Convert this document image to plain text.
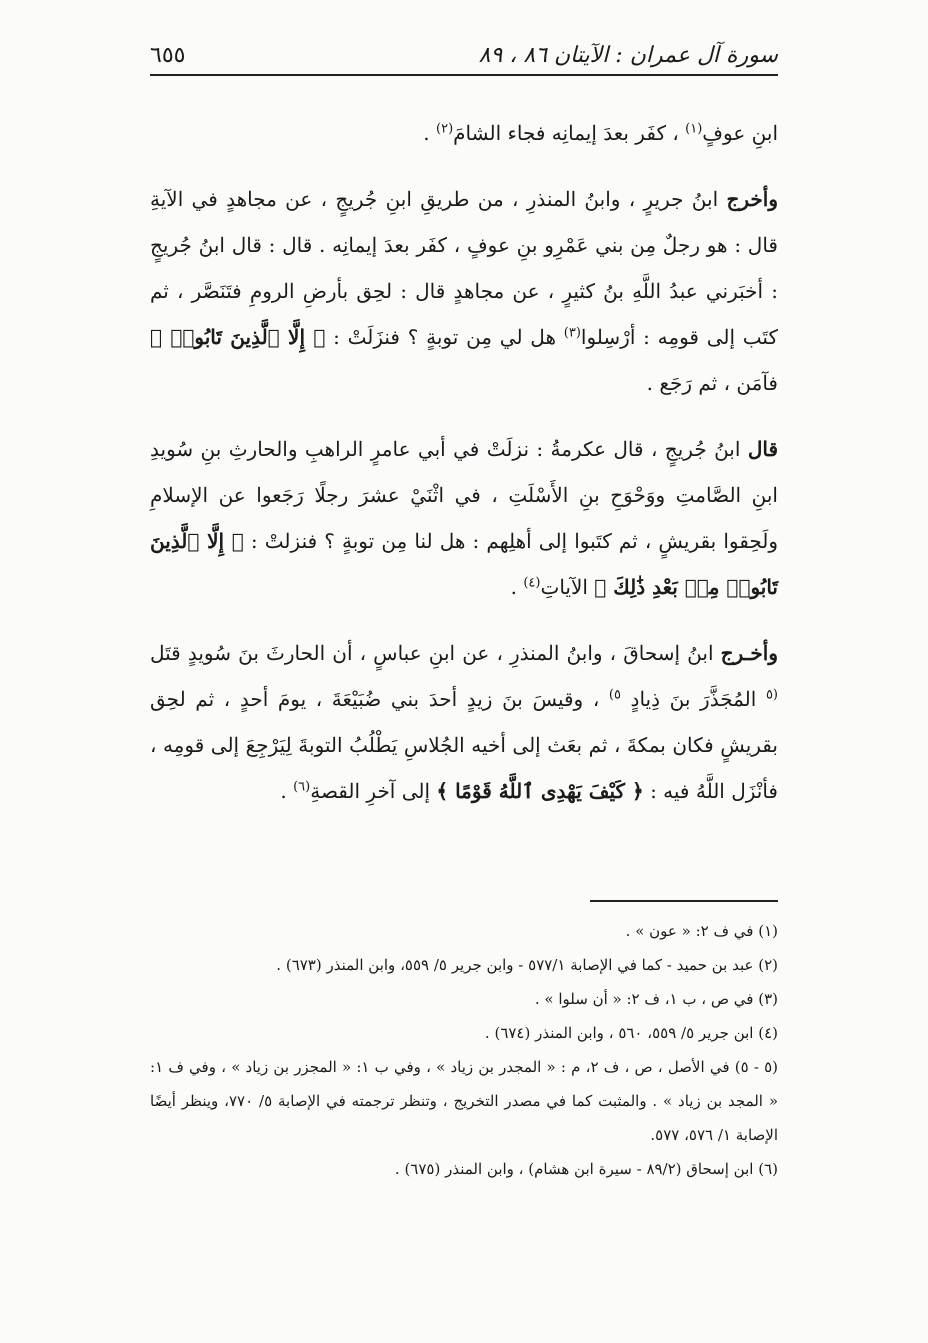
سورة آل عمران : الآيتان ٨٦ ، ٨٩
٦٥٥

ابنِ عوفٍ$^{(١)}$ ، كفَر بعدَ إيمانِه فجاء الشامَ$^{(٢)}$ .

وأخرج ابنُ جريرٍ ، وابنُ المنذرِ ، من طريقِ ابنِ جُريجٍ ، عن مجاهدٍ في الآيةِ قال : هو رجلٌ مِن بني عَمْرِو بنِ عوفٍ ، كفَر بعدَ إيمانِه . قال : قال ابنُ جُريجٍ : أخبَرني عبدُ اللَّهِ بنُ كثيرٍ ، عن مجاهدٍ قال : لحِق بأرضِ الرومِ فتَنَصَّر ، ثم كتَب إلى قومِه : أرْسِلوا$^{(٣)}$ هل لي مِن توبةٍ ؟ فنزَلَتْ : ﴿ إِلَّا ٱلَّذِينَ تَابُوا۟ ﴾ فآمَن ، ثم رَجَع .

قال ابنُ جُريجٍ ، قال عكرمةُ : نزلَتْ في أبي عامرٍ الراهبِ والحارثِ بنِ سُويدِ ابنِ الصَّامتِ ووَحْوَحِ بنِ الأَسْلَتِ ، في اثْنَيْ عشرَ رجلًا رَجَعوا عن الإسلامِ ولَحِقوا بقريشٍ ، ثم كتَبوا إلى أهلِهم : هل لنا مِن توبةٍ ؟ فنزلتْ : ﴿ إِلَّا ٱلَّذِينَ تَابُوا۟ مِنۢ بَعْدِ ذَٰلِكَ ﴾ الآياتِ$^{(٤)}$ .

وأخـرج ابنُ إسحاقَ ، وابنُ المنذرِ ، عن ابنِ عباسٍ ، أن الحارثَ بنَ سُويدٍ قتَل $^{(٥}$ المُجَذَّرَ بنَ ذِيادٍ $^{٥)}$ ، وقيسَ بنَ زيدٍ أحدَ بني ضُبَيْعَةَ ، يومَ أحدٍ ، ثم لحِق بقريشٍ فكان بمكةَ ، ثم بعَث إلى أخيه الجُلاسِ يَطْلُبُ التوبةَ لِيَرْجِعَ إلى قومِه ، فأنْزَل اللَّهُ فيه : ﴿ كَيْفَ يَهْدِى ٱللَّهُ قَوْمًا ﴾ إلى آخرِ القصةِ$^{(٦)}$ .

(١) في ف ٢: « عون » .

(٢) عبد بن حميد - كما في الإصابة ٥٧٧/١ - وابن جرير ٥/ ٥٥٩، وابن المنذر (٦٧٣) .

(٣) في ص ، ب ١، ف ٢: « أن سلوا » .

(٤) ابن جرير ٥/ ٥٥٩، ٥٦٠ ، وابن المنذر (٦٧٤) .

(٥ - ٥) في الأصل ، ص ، ف ٢، م : « المجدر بن زياد » ، وفي ب ١: « المجزر بن زياد » ، وفي ف ١: « المجد بن زياد » . والمثبت كما في مصدر التخريج ، وتنظر ترجمته في الإصابة ٥/ ٧٧٠، وينظر أيضًا الإصابة ١/ ٥٧٦، ٥٧٧.

(٦) ابن إسحاق (٨٩/٢ - سيرة ابن هشام) ، وابن المنذر (٦٧٥) .
